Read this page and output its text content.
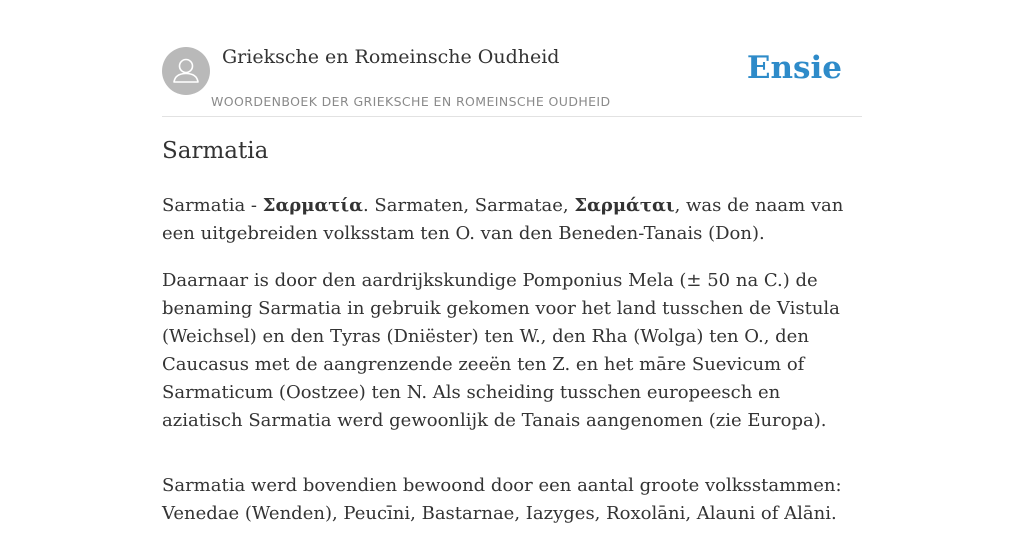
Grieksche en Romeinsche Oudheid
WOORDENBOEK DER GRIEKSCHE EN ROMEINSCHE OUDHEID
Ensie
Sarmatia

Sarmatia - Σαρματία. Sarmaten, Sarmatae, Σαρμάται, was de naam van een uitgebreiden volksstam ten O. van den Beneden-Tanais (Don).

Daarnaar is door den aardrijkskundige Pomponius Mela (± 50 na C.) de benaming Sarmatia in gebruik gekomen voor het land tusschen de Vistula (Weichsel) en den Tyras (Dniëster) ten W., den Rha (Wolga) ten O., den Caucasus met de aangrenzende zeeën ten Z. en het māre Suevicum of Sarmaticum (Oostzee) ten N. Als scheiding tusschen europeesch en aziatisch Sarmatia werd gewoonlijk de Tanais aangenomen (zie Europa).

Sarmatia werd bovendien bewoond door een aantal groote volksstammen: Venedae (Wenden), Peucīni, Bastarnae, Iazyges, Roxolāni, Alauni of Alāni.
